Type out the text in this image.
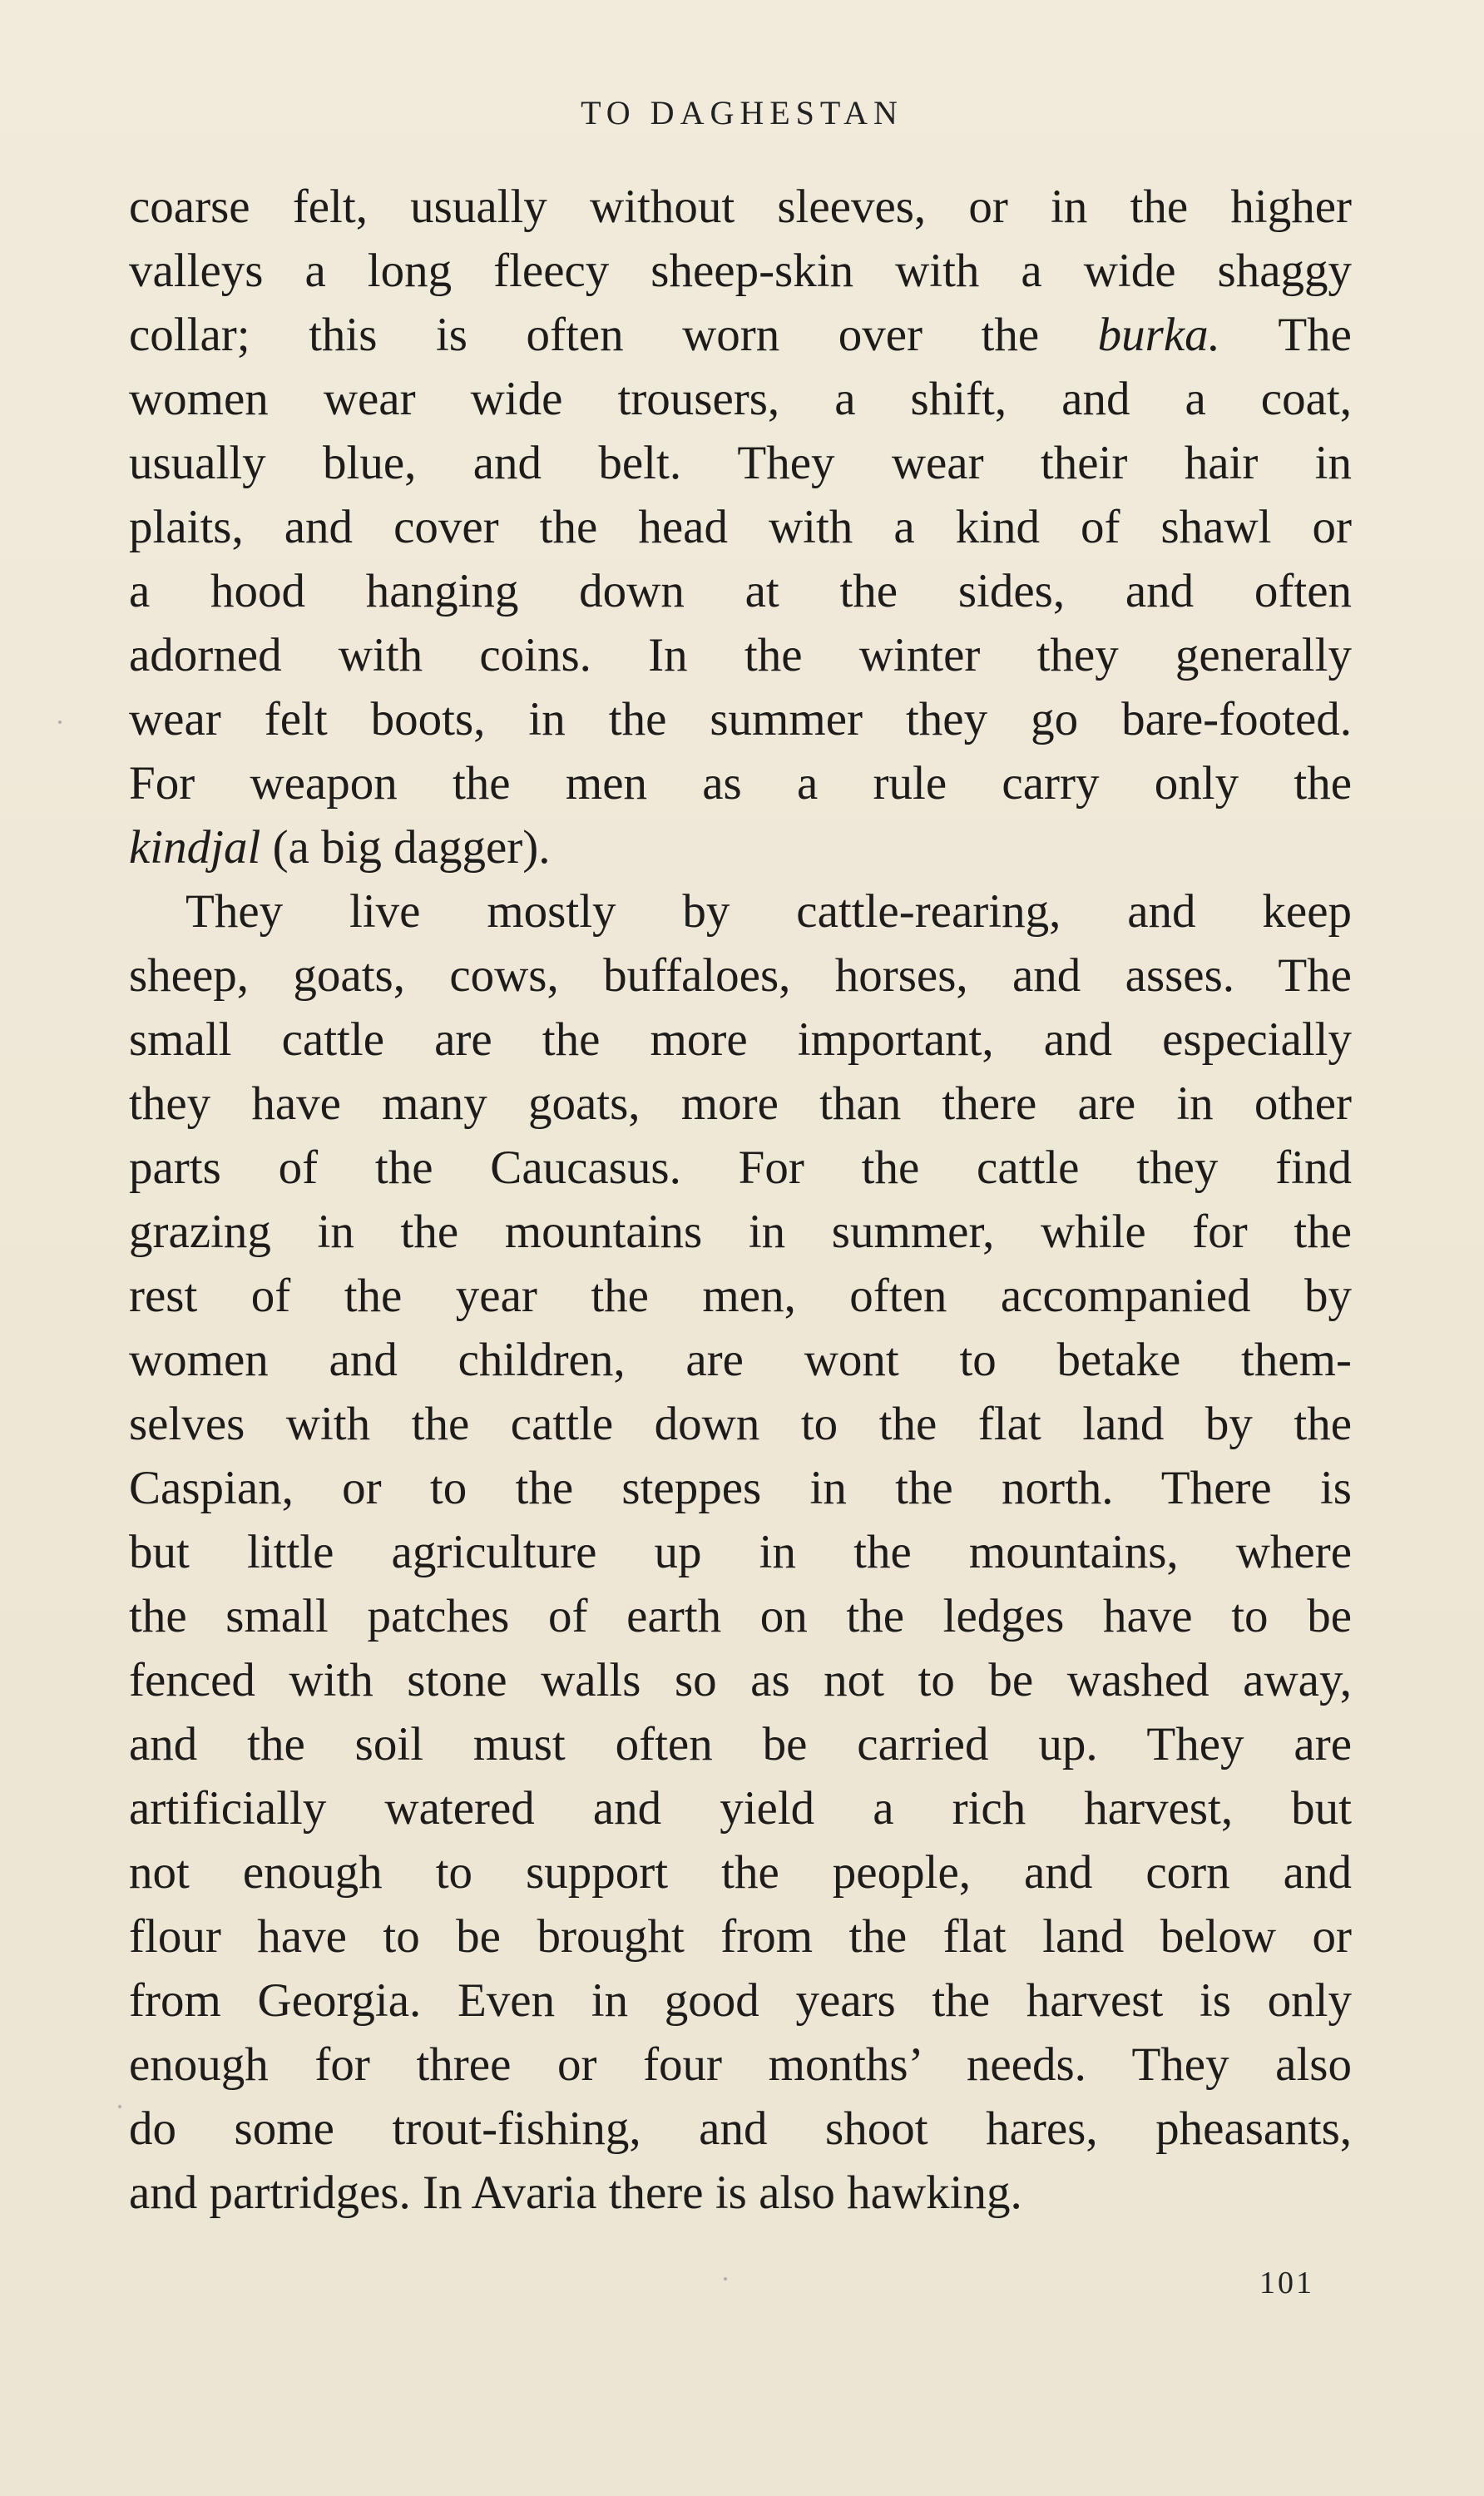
TO DAGHESTAN
coarse felt, usually without sleeves, or in the higher
valleys a long fleecy sheep-skin with a wide shaggy
collar; this is often worn over the burka. The
women wear wide trousers, a shift, and a coat,
usually blue, and belt. They wear their hair in
plaits, and cover the head with a kind of shawl or
a hood hanging down at the sides, and often
adorned with coins. In the winter they generally
wear felt boots, in the summer they go bare-footed.
For weapon the men as a rule carry only the
kindjal (a big dagger).
They live mostly by cattle-rearing, and keep
sheep, goats, cows, buffaloes, horses, and asses. The
small cattle are the more important, and especially
they have many goats, more than there are in other
parts of the Caucasus. For the cattle they find
grazing in the mountains in summer, while for the
rest of the year the men, often accompanied by
women and children, are wont to betake them-
selves with the cattle down to the flat land by the
Caspian, or to the steppes in the north. There is
but little agriculture up in the mountains, where
the small patches of earth on the ledges have to be
fenced with stone walls so as not to be washed away,
and the soil must often be carried up. They are
artificially watered and yield a rich harvest, but
not enough to support the people, and corn and
flour have to be brought from the flat land below or
from Georgia. Even in good years the harvest is only
enough for three or four months’ needs. They also
do some trout-fishing, and shoot hares, pheasants,
and partridges. In Avaria there is also hawking.
101
